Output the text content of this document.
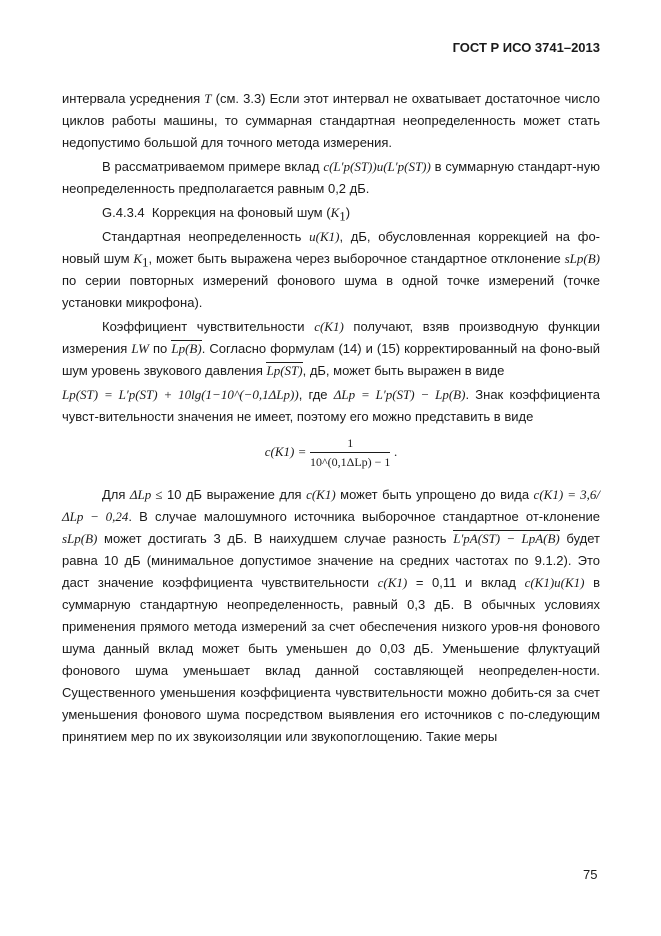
ГОСТ Р ИСО 3741–2013

интервала усреднения T (см. 3.3) Если этот интервал не охватывает достаточное число циклов работы машины, то суммарная стандартная неопределенность может стать недопустимо большой для точного метода измерения.

В рассматриваемом примере вклад c(L′p(ST))u(L′p(ST)) в суммарную стандарт-ную неопределенность предполагается равным 0,2 дБ.

G.4.3.4 Коррекция на фоновый шум $(K_1)$

Стандартная неопределенность u(K1), дБ, обусловленная коррекцией на фо-новый шум $K_1$, может быть выражена через выборочное стандартное отклонение sLp(B) по серии повторных измерений фонового шума в одной точке измерений (точке установки микрофона).

Коэффициент чувствительности c(K1) получают, взяв производную функции измерения LW по Lp(B). Согласно формулам (14) и (15) корректированный на фоно-вый шум уровень звукового давления Lp(ST), дБ, может быть выражен в виде

Lp(ST) = L′p(ST) + 10lg(1−10^(−0,1ΔLp)), где ΔLp = L′p(ST) − Lp(B). Знак коэффициента чувст-вительности значения не имеет, поэтому его можно представить в виде

$c(K1) = \frac{1}{\text{10\textasciicircum{}(0,1ΔLp) − 1}}$ .

Для ΔLp ≤ 10 дБ выражение для c(K1) может быть упрощено до вида c(K1) = 3,6/ΔLp − 0,24. В случае малошумного источника выборочное стандартное от-клонение sLp(B) может достигать 3 дБ. В наихудшем случае разность L′pA(ST) − LpA(B) будет равна 10 дБ (минимальное допустимое значение на средних частотах по 9.1.2). Это даст значение коэффициента чувствительности c(K1) = 0,11 и вклад c(K1)u(K1) в суммарную стандартную неопределенность, равный 0,3 дБ. В обычных условиях применения прямого метода измерений за счет обеспечения низкого уров-ня фонового шума данный вклад может быть уменьшен до 0,03 дБ. Уменьшение флуктуаций фонового шума уменьшает вклад данной составляющей неопределен-ности. Существенного уменьшения коэффициента чувствительности можно добить-ся за счет уменьшения фонового шума посредством выявления его источников с по-следующим принятием мер по их звукоизоляции или звукопоглощению. Такие меры

75
